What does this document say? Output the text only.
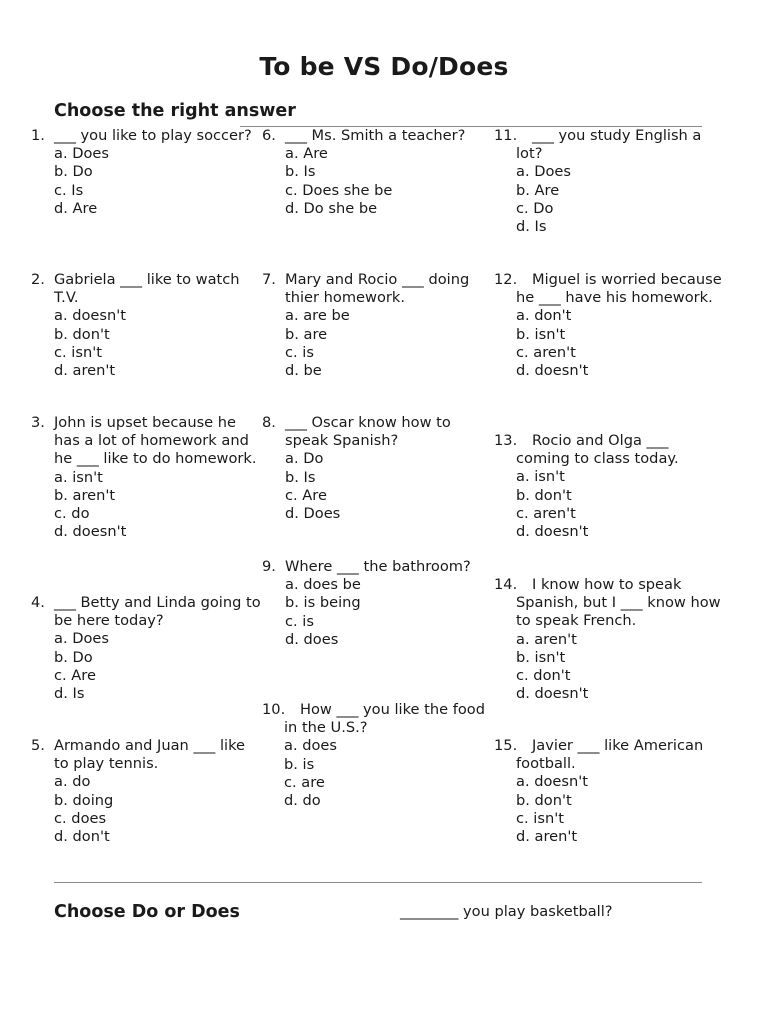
To be VS Do/Does
Choose the right answer
1. ___ you like to play soccer?
a. Does
b. Do
c. Is
d. Are
2. Gabriela ___ like to watch T.V.
a. doesn't
b. don't
c. isn't
d. aren't
3. John is upset because he has a lot of homework and he ___ like to do homework.
a. isn't
b. aren't
c. do
d. doesn't
4. ___ Betty and Linda going to be here today?
a. Does
b. Do
c. Are
d. Is
5. Armando and Juan ___ like to play tennis.
a. do
b. doing
c. does
d. don't
6. ___ Ms. Smith a teacher?
a. Are
b. Is
c. Does she be
d. Do she be
7. Mary and Rocio ___ doing thier homework.
a. are be
b. are
c. is
d. be
8. ___ Oscar know how to speak Spanish?
a. Do
b. Is
c. Are
d. Does
9. Where ___ the bathroom?
a. does be
b. is being
c. is
d. does
10.	How ___ you like the food in the U.S.?
a. does
b. is
c. are
d. do
11.	___ you study English a lot?
a. Does
b. Are
c. Do
d. Is
12.	Miguel is worried because he ___ have his homework.
a. don't
b. isn't
c. aren't
d. doesn't
13.	Rocio and Olga ___ coming to class today.
a. isn't
b. don't
c. aren't
d. doesn't
14.	I know how to speak Spanish, but I ___ know how to speak French.
a. aren't
b. isn't
c. don't
d. doesn't
15.	Javier ___ like American football.
a. doesn't
b. don't
c. isn't
d. aren't
Choose Do or Does	________ you play basketball?
